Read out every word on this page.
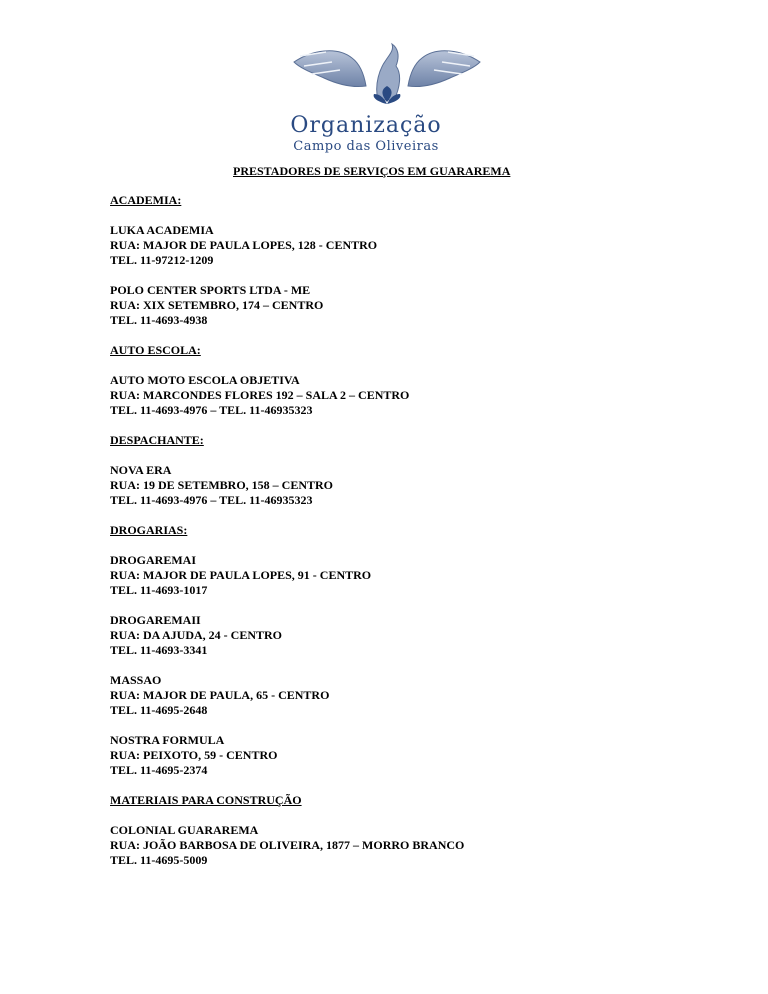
Organização
Campo das Oliveiras
PRESTADORES DE SERVIÇOS EM GUARAREMA
ACADEMIA:
LUKA ACADEMIA
RUA: MAJOR DE PAULA LOPES, 128 - CENTRO
TEL. 11-97212-1209
POLO CENTER SPORTS LTDA - ME
RUA: XIX SETEMBRO, 174 – CENTRO
TEL. 11-4693-4938
AUTO ESCOLA:
AUTO MOTO ESCOLA OBJETIVA
RUA: MARCONDES FLORES 192 – SALA 2 – CENTRO
TEL. 11-4693-4976 – TEL. 11-46935323
DESPACHANTE:
NOVA ERA
RUA: 19 DE SETEMBRO, 158 – CENTRO
TEL. 11-4693-4976 – TEL. 11-46935323
DROGARIAS:
DROGAREMAI
RUA: MAJOR DE PAULA LOPES, 91 - CENTRO
TEL. 11-4693-1017
DROGAREMAII
RUA: DA AJUDA, 24 - CENTRO
TEL. 11-4693-3341
MASSAO
RUA: MAJOR DE PAULA, 65 - CENTRO
TEL. 11-4695-2648
NOSTRA FORMULA
RUA: PEIXOTO, 59 - CENTRO
TEL. 11-4695-2374
MATERIAIS PARA CONSTRUÇÃO
COLONIAL GUARAREMA
RUA: JOÃO BARBOSA DE OLIVEIRA, 1877 – MORRO BRANCO
TEL. 11-4695-5009
